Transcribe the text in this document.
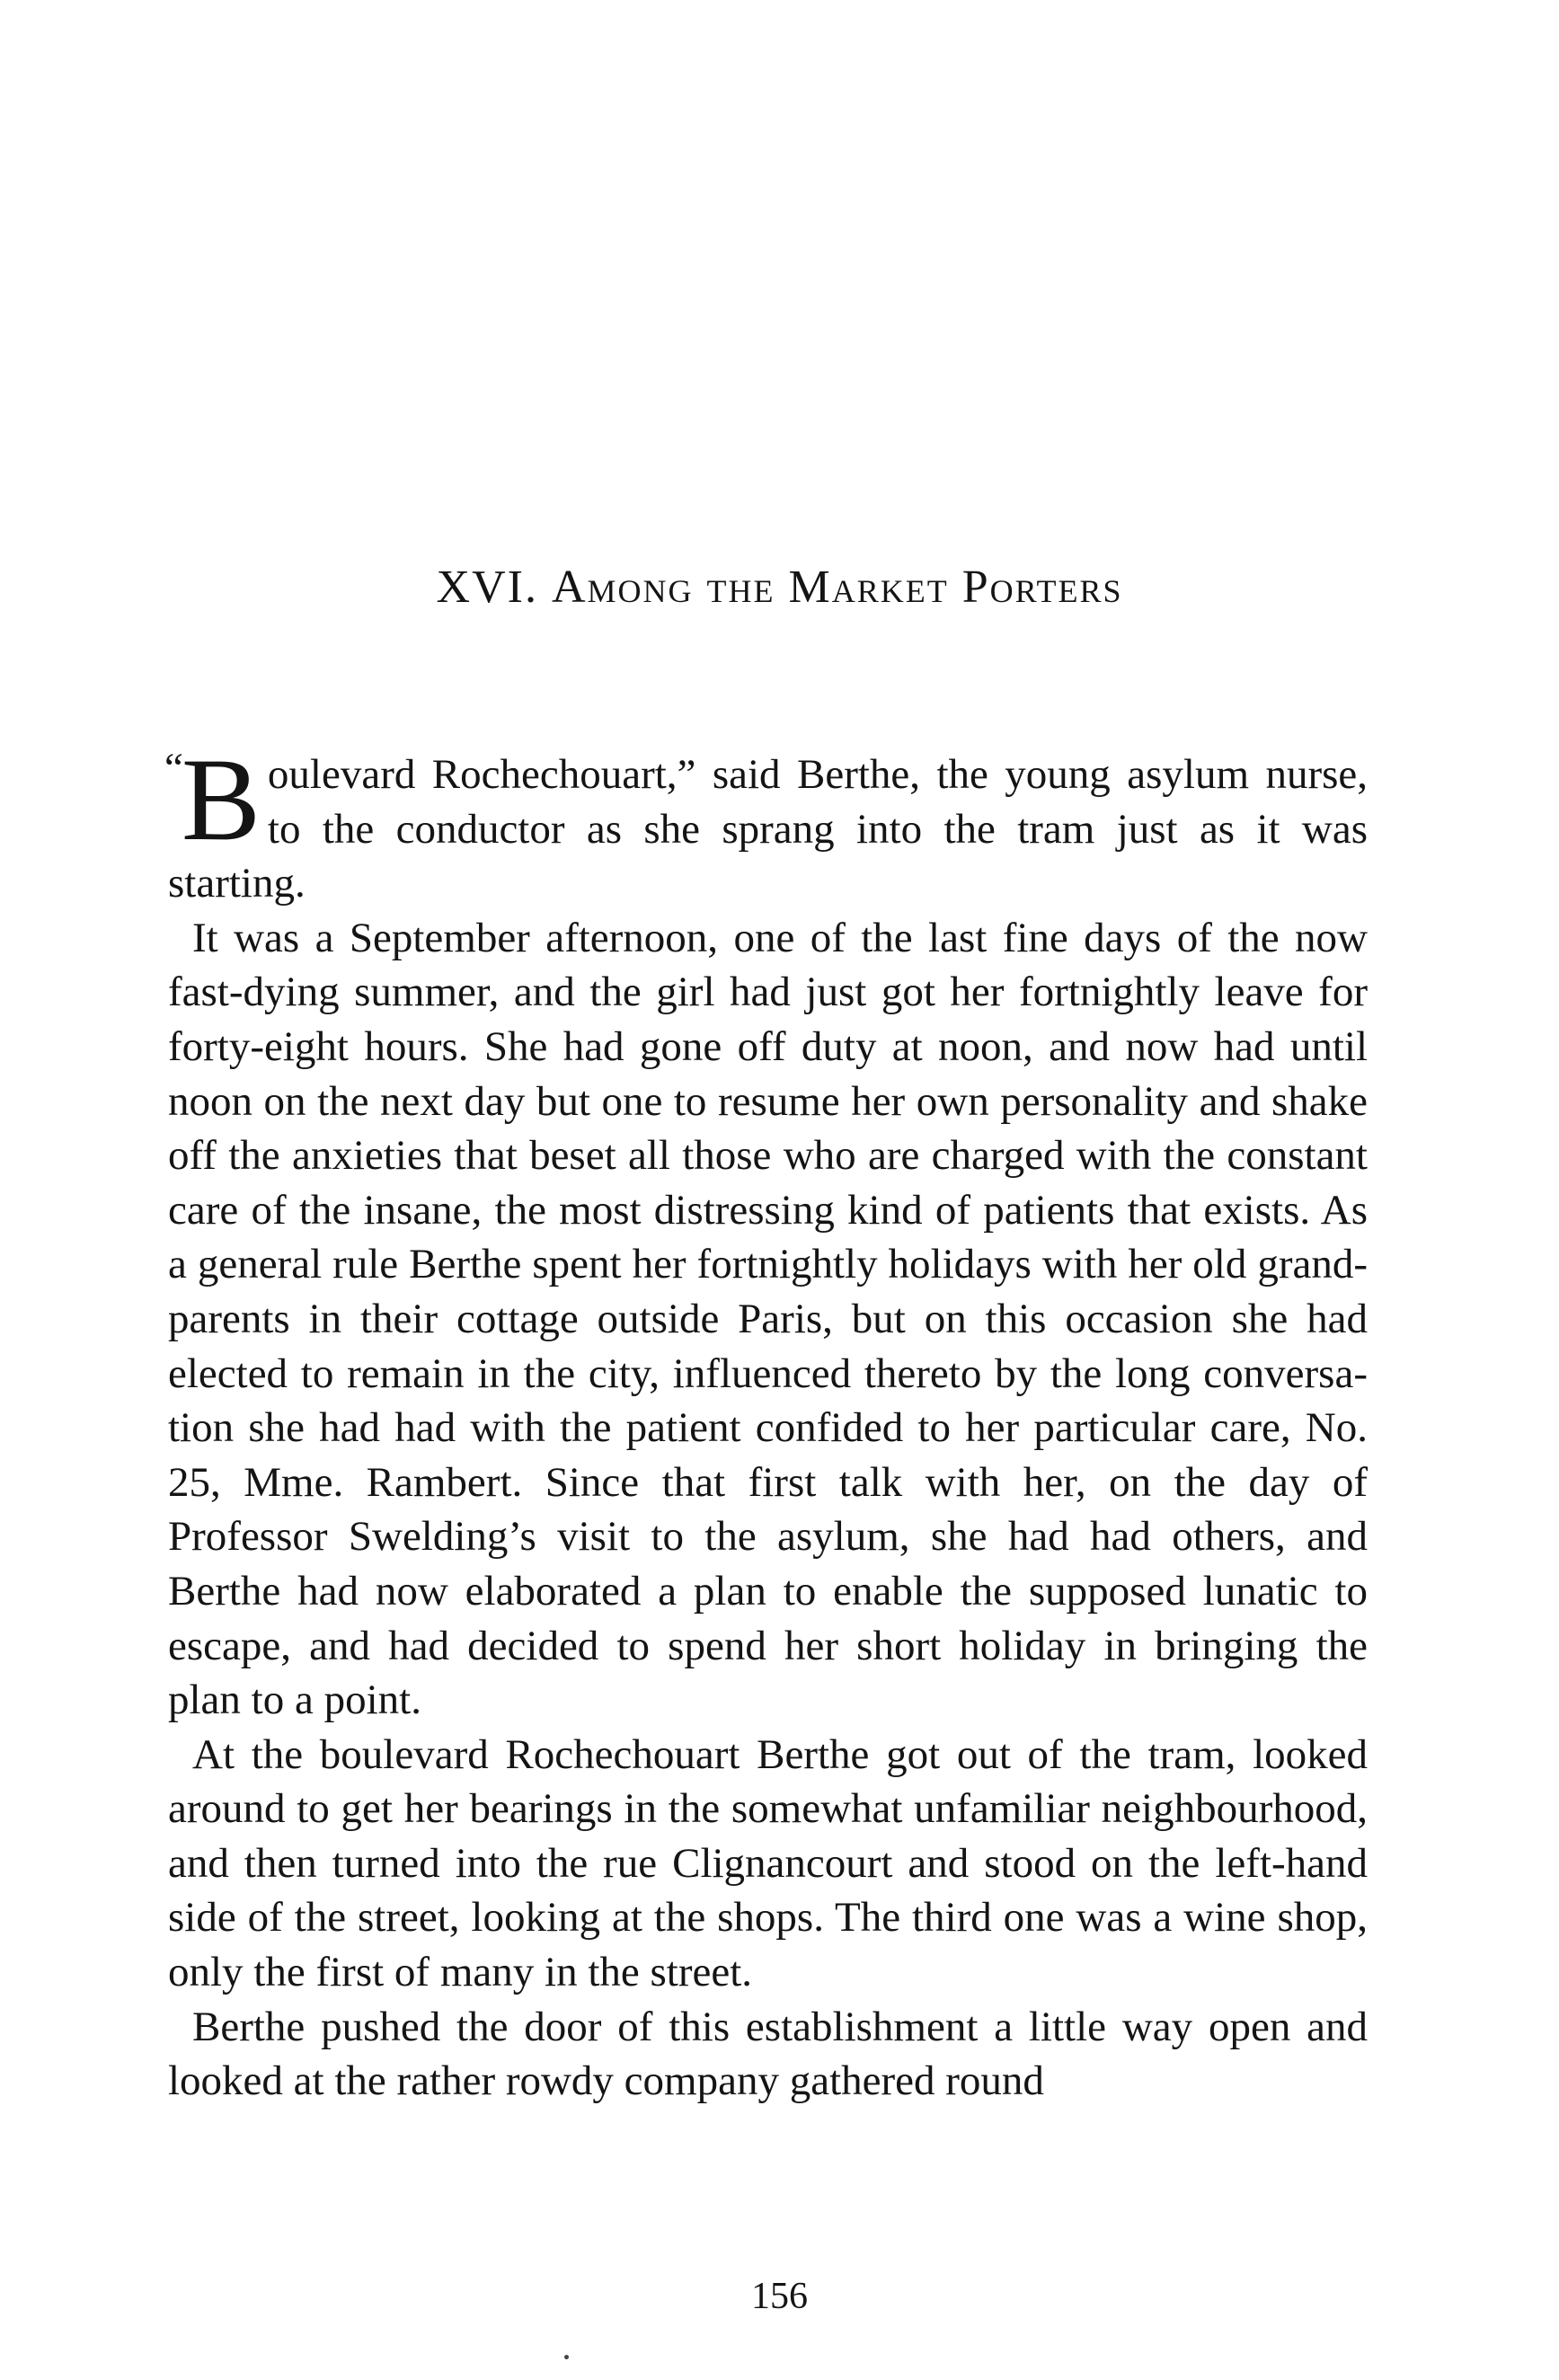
XVI. Among the Market Porters

“
B oulevard Rochechouart,” said Berthe, the young asylum nurse, to the conductor as she sprang into the tram just as it was starting.

It was a September afternoon, one of the last fine days of the now fast-dying summer, and the girl had just got her fortnightly leave for forty-eight hours. She had gone off duty at noon, and now had until noon on the next day but one to resume her own personality and shake off the anxieties that beset all those who are charged with the constant care of the insane, the most distressing kind of patients that exists. As a general rule Berthe spent her fortnightly holidays with her old grand-parents in their cottage outside Paris, but on this occasion she had elected to remain in the city, influenced thereto by the long conversation she had had with the patient confided to her particular care, No. 25, Mme. Rambert. Since that first talk with her, on the day of Professor Swelding’s visit to the asylum, she had had others, and Berthe had now elaborated a plan to enable the supposed lunatic to escape, and had decided to spend her short holiday in bringing the plan to a point.

At the boulevard Rochechouart Berthe got out of the tram, looked around to get her bearings in the somewhat unfamiliar neighbourhood, and then turned into the rue Clignancourt and stood on the left-hand side of the street, looking at the shops. The third one was a wine shop, only the first of many in the street.

Berthe pushed the door of this establishment a little way open and looked at the rather rowdy company gathered round

156
